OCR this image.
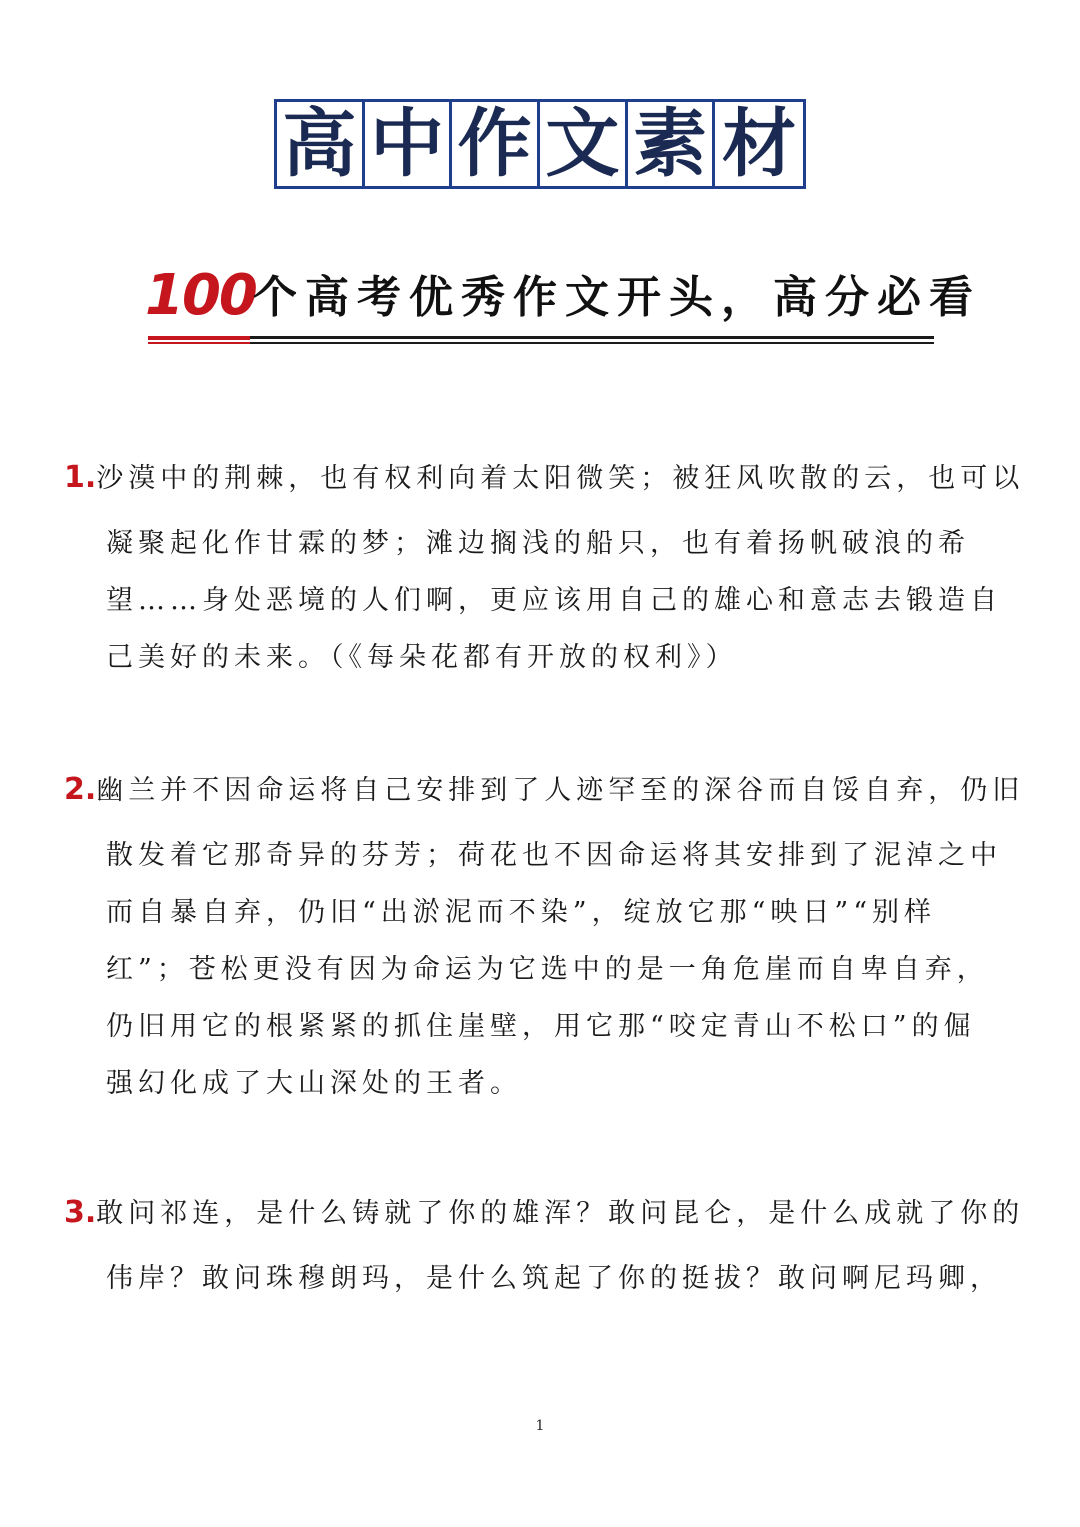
高 中 作 文 素 材
100
个高考优秀作文开头，高分必看
1.沙漠中的荆棘，也有权利向着太阳微笑；被狂风吹散的云，也可以
凝聚起化作甘霖的梦；滩边搁浅的船只，也有着扬帆破浪的希
望……身处恶境的人们啊，更应该用自己的雄心和意志去锻造自
己美好的未来。（《每朵花都有开放的权利》）
2.幽兰并不因命运将自己安排到了人迹罕至的深谷而自馁自弃，仍旧
散发着它那奇异的芬芳；荷花也不因命运将其安排到了泥淖之中
而自暴自弃，仍旧“出淤泥而不染”，绽放它那“映日”“别样
红”；苍松更没有因为命运为它选中的是一角危崖而自卑自弃，
仍旧用它的根紧紧的抓住崖壁，用它那“咬定青山不松口”的倔
强幻化成了大山深处的王者。
3.敢问祁连，是什么铸就了你的雄浑？敢问昆仑，是什么成就了你的
伟岸？敢问珠穆朗玛，是什么筑起了你的挺拔？敢问啊尼玛卿，
1
